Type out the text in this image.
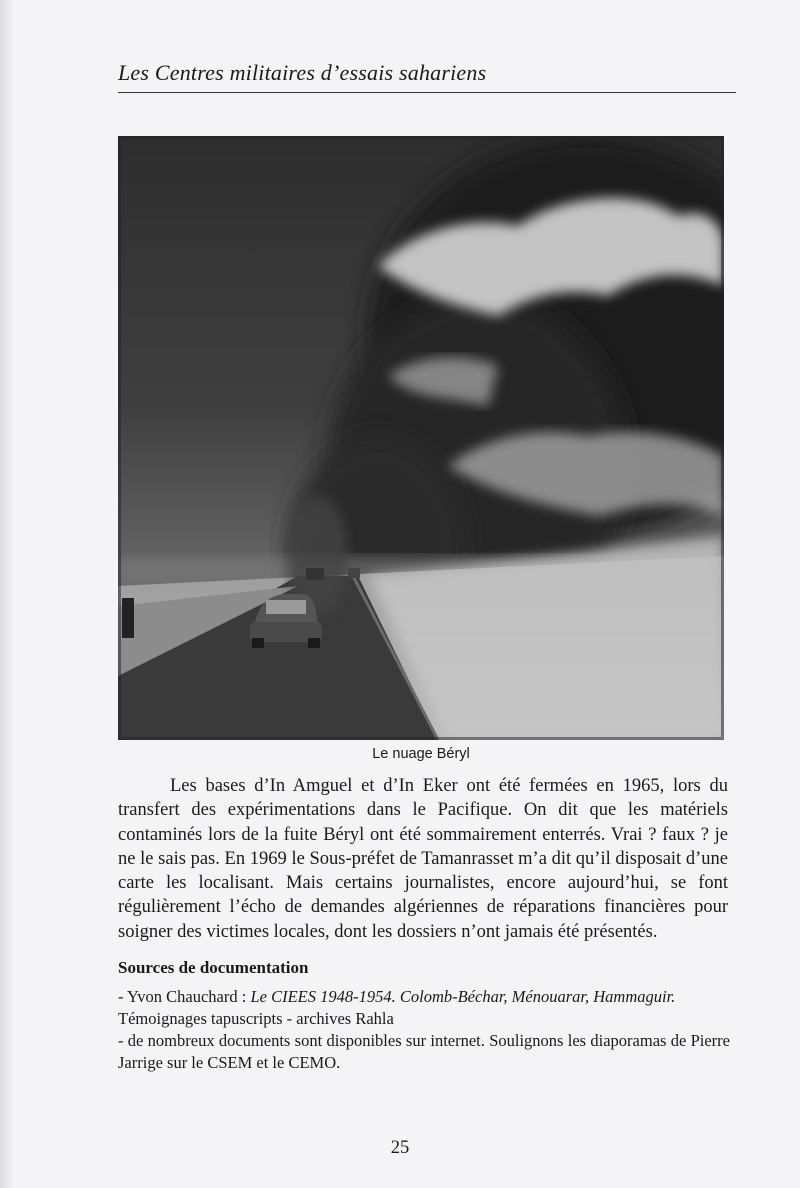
Les Centres militaires d’essais sahariens
Le nuage Béryl

Les bases d’In Amguel et d’In Eker ont été fermées en 1965, lors du transfert des expérimentations dans le Pacifique. On dit que les matériels contaminés lors de la fuite Béryl ont été sommairement enterrés. Vrai ? faux ? je ne le sais pas. En 1969 le Sous-préfet de Tamanrasset m’a dit qu’il disposait d’une carte les localisant. Mais certains journalistes, encore aujourd’hui, se font régulièrement l’écho de demandes algériennes de réparations financières pour soigner des victimes locales, dont les dossiers n’ont jamais été présentés.

Sources de documentation

- Yvon Chauchard : Le CIEES 1948-1954. Colomb-Béchar, Ménouarar, Hammaguir.

Témoignages tapuscripts - archives Rahla

- de nombreux documents sont disponibles sur internet. Soulignons les diaporamas de Pierre Jarrige sur le CSEM et le CEMO.

25
